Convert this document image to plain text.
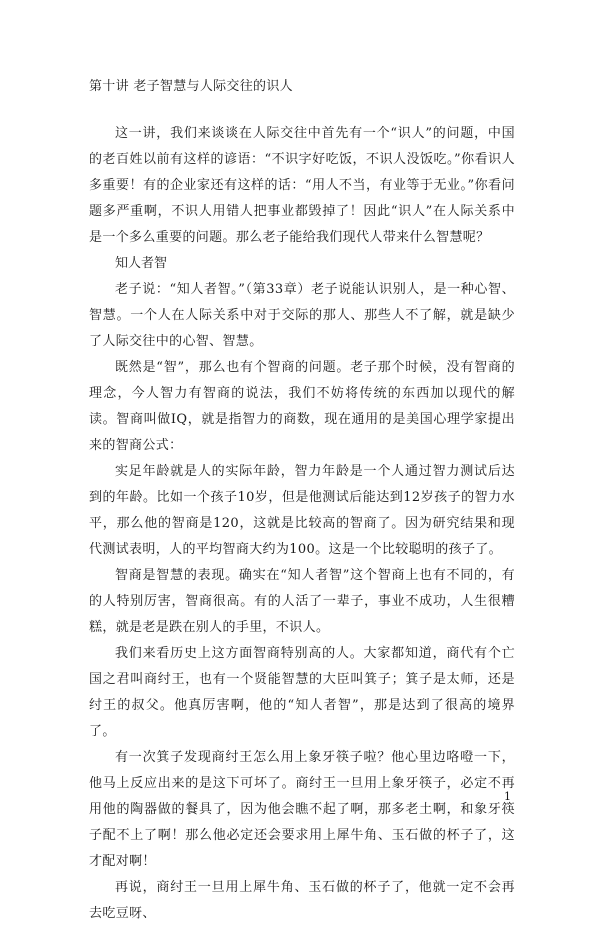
第十讲 老子智慧与人际交往的识人

这一讲，我们来谈谈在人际交往中首先有一个“识人”的问题，中国的老百姓以前有这样的谚语：“不识字好吃饭，不识人没饭吃。”你看识人多重要！有的企业家还有这样的话：“用人不当，有业等于无业。”你看问题多严重啊，不识人用错人把事业都毁掉了！因此“识人”在人际关系中是一个多么重要的问题。那么老子能给我们现代人带来什么智慧呢？

知人者智

老子说：“知人者智。”（第33章）老子说能认识别人，是一种心智、智慧。一个人在人际关系中对于交际的那人、那些人不了解，就是缺少了人际交往中的心智、智慧。

既然是“智”，那么也有个智商的问题。老子那个时候，没有智商的理念，今人智力有智商的说法，我们不妨将传统的东西加以现代的解读。智商叫做IQ，就是指智力的商数，现在通用的是美国心理学家提出来的智商公式：

实足年龄就是人的实际年龄，智力年龄是一个人通过智力测试后达到的年龄。比如一个孩子10岁，但是他测试后能达到12岁孩子的智力水平，那么他的智商是120，这就是比较高的智商了。因为研究结果和现代测试表明，人的平均智商大约为100。这是一个比较聪明的孩子了。

智商是智慧的表现。确实在“知人者智”这个智商上也有不同的，有的人特别厉害，智商很高。有的人活了一辈子，事业不成功，人生很糟糕，就是老是跌在别人的手里，不识人。

我们来看历史上这方面智商特别高的人。大家都知道，商代有个亡国之君叫商纣王，也有一个贤能智慧的大臣叫箕子；箕子是太师，还是纣王的叔父。他真厉害啊，他的“知人者智”，那是达到了很高的境界了。

有一次箕子发现商纣王怎么用上象牙筷子啦？他心里边咯噔一下，他马上反应出来的是这下可坏了。商纣王一旦用上象牙筷子，必定不再用他的陶器做的餐具了，因为他会瞧不起了啊，那多老土啊，和象牙筷子配不上了啊！那么他必定还会要求用上犀牛角、玉石做的杯子了，这才配对啊！

再说，商纣王一旦用上犀牛角、玉石做的杯子了，他就一定不会再去吃豆呀、

1
